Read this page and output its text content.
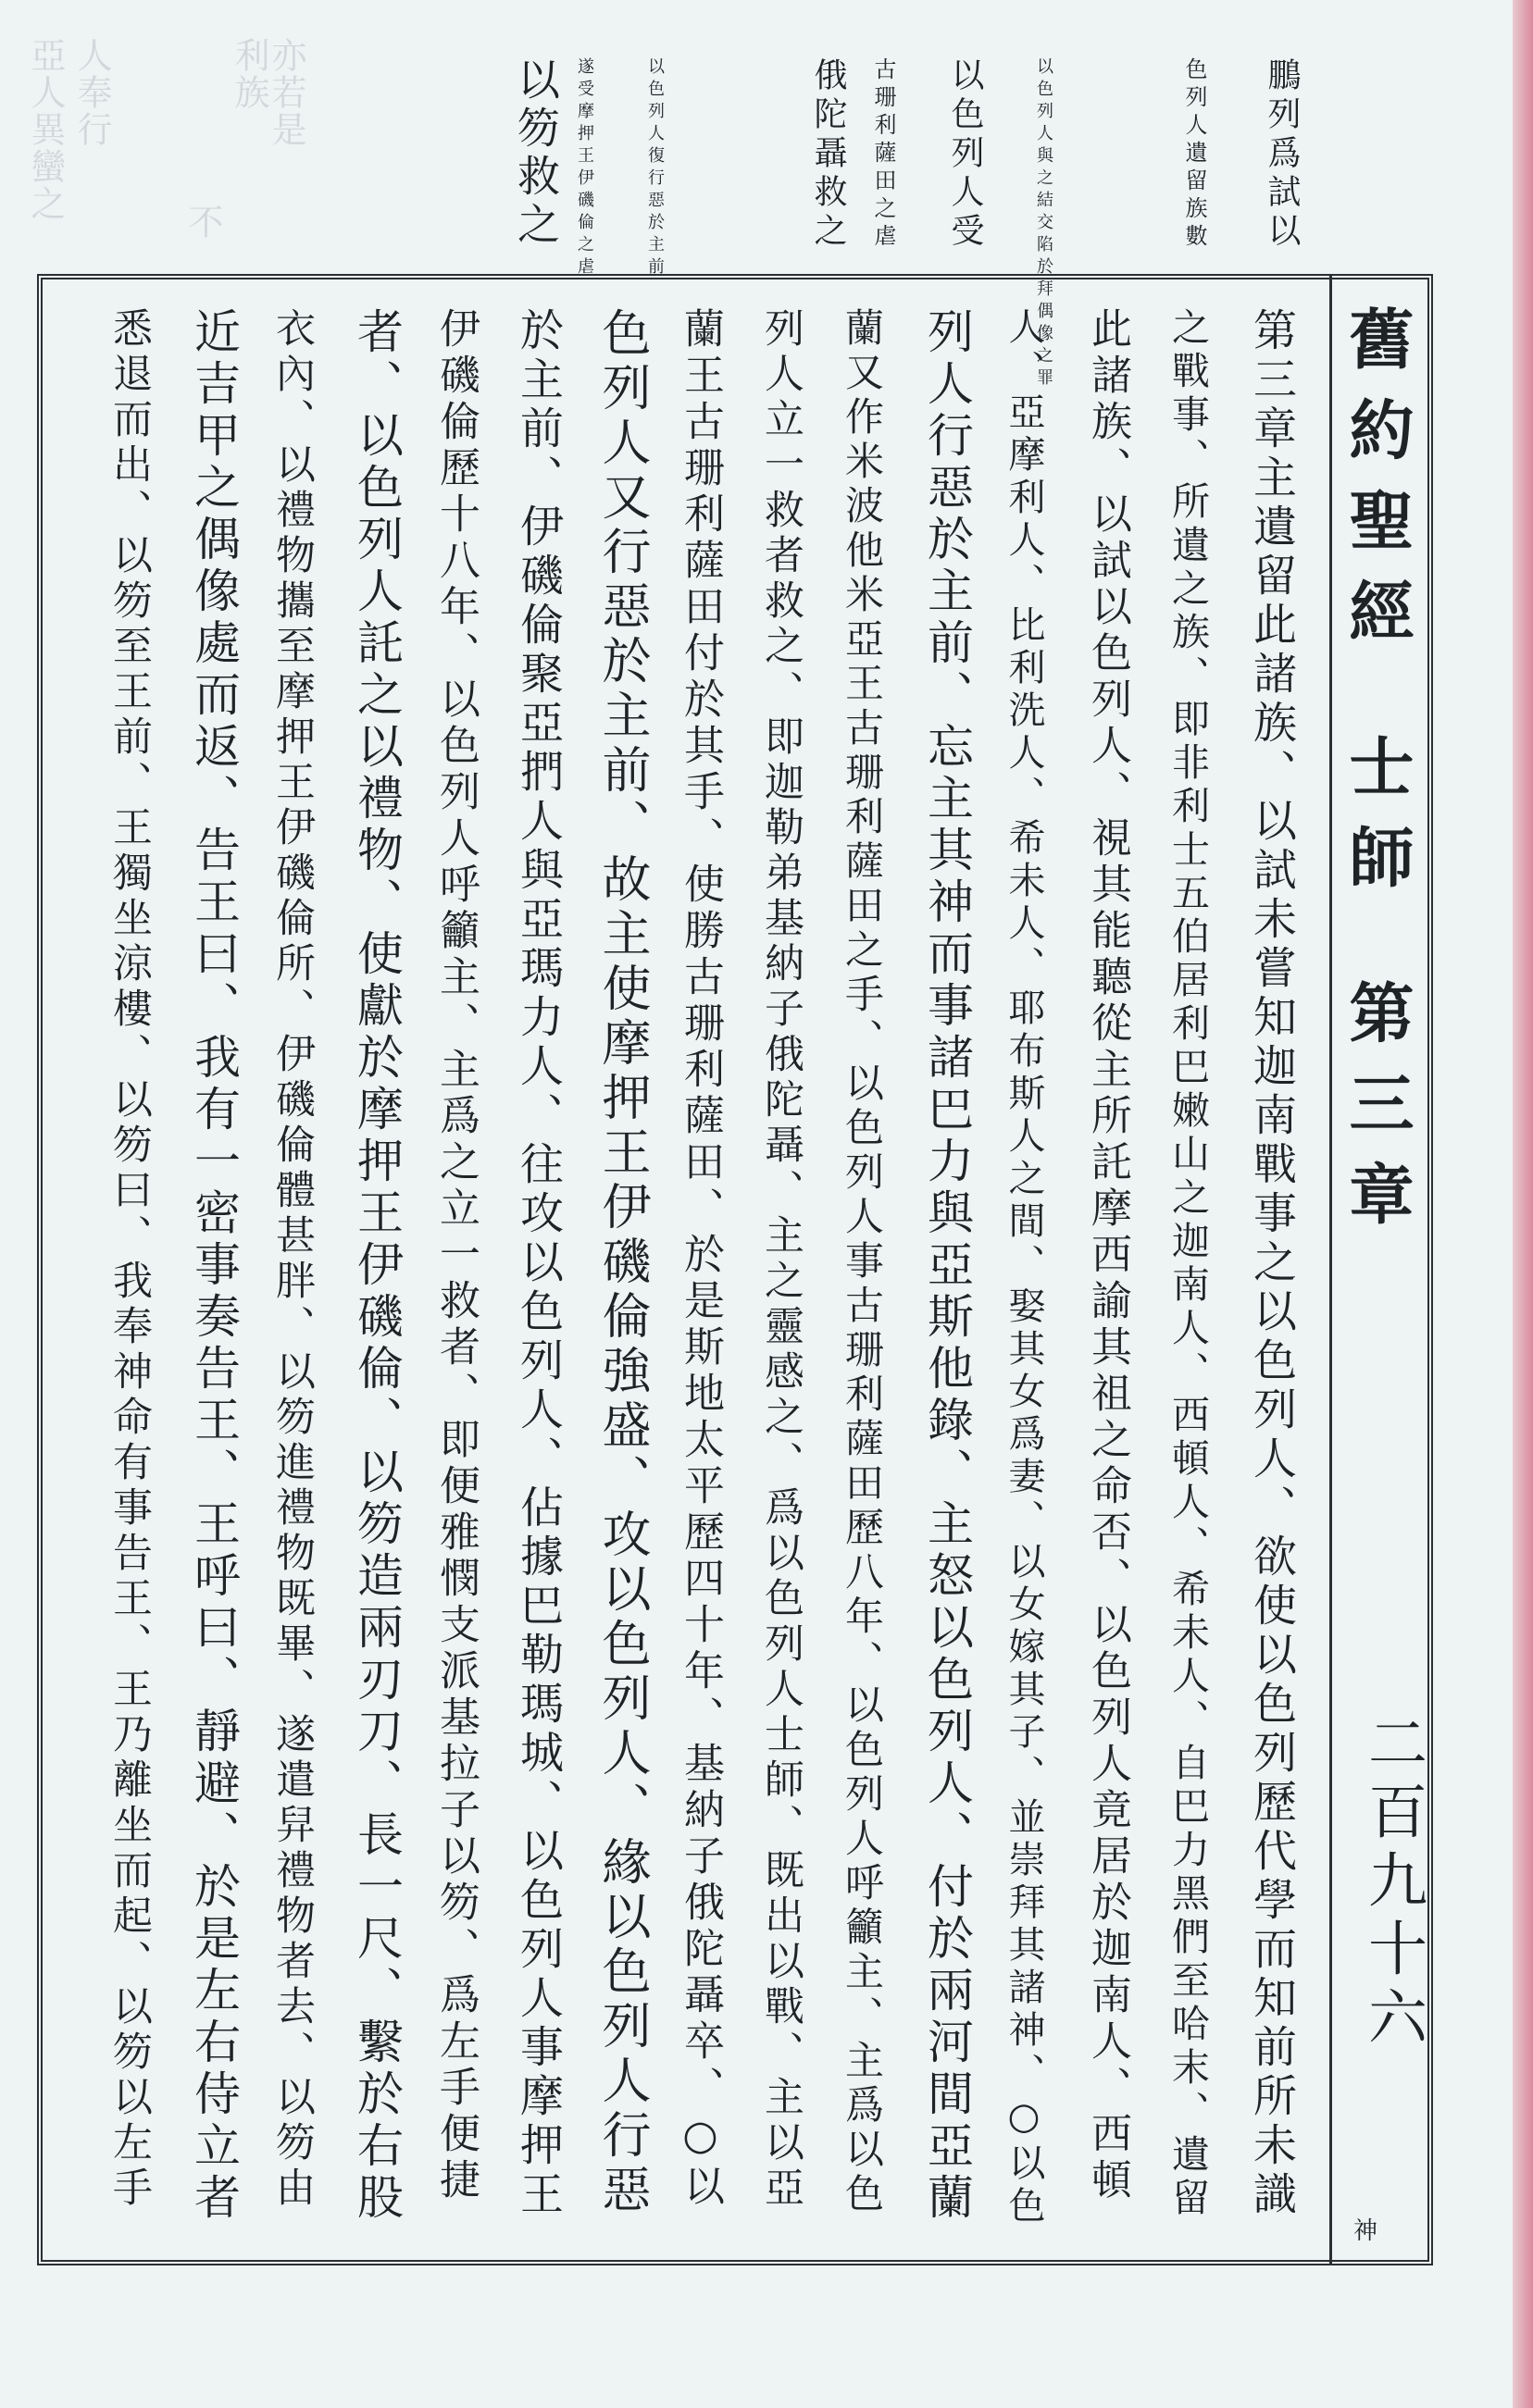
亞人異蠻之 人奉行	利族
亦若是
不	鵬列爲試以
色列人遺留族數
以色列人與之結交陷於拜偶像之罪
以色列人受
古珊利薩田之虐
俄陀聶救之
以色列人復行惡於主前
遂受摩押王伊磯倫之虐
以笏救之
舊約聖經士師第三章
二百九十六
神
第三章主遺留此諸族、以試未嘗知迦南戰事之以色列人、欲使以色列歷代學而知前所未識
之戰事、所遺之族、即非利士五伯居利巴嫩山之迦南人、西頓人、希未人、自巴力黑們至哈末、遺留
此諸族、以試以色列人、視其能聽從主所託摩西諭其祖之命否、以色列人竟居於迦南人、西頓
人、亞摩利人、比利洗人、希未人、耶布斯人之間、娶其女爲妻、以女嫁其子、並崇拜其諸神、○以色
列人行惡於主前、忘主其神而事諸巴力與亞斯他錄、主怒以色列人、付於兩河間亞蘭
蘭又作米波他米亞王古珊利薩田之手、以色列人事古珊利薩田歷八年、以色列人呼籲主、主爲以色
列人立一救者救之、即迦勒弟基納子俄陀聶、主之靈感之、爲以色列人士師、既出以戰、主以亞
蘭王古珊利薩田付於其手、使勝古珊利薩田、於是斯地太平歷四十年、基納子俄陀聶卒、○以
色列人又行惡於主前、故主使摩押王伊磯倫強盛、攻以色列人、緣以色列人行惡
於主前、伊磯倫聚亞捫人與亞瑪力人、往攻以色列人、佔據巴勒瑪城、以色列人事摩押王
伊磯倫歷十八年、以色列人呼籲主、主爲之立一救者、即便雅憫支派基拉子以笏、爲左手便捷
者、以色列人託之以禮物、使獻於摩押王伊磯倫、以笏造兩刃刀、長一尺、繫於右股
衣內、以禮物攜至摩押王伊磯倫所、伊磯倫體甚胖、以笏進禮物既畢、遂遣舁禮物者去、以笏由
近吉甲之偶像處而返、告王曰、我有一密事奏告王、王呼曰、靜避、於是左右侍立者
悉退而出、以笏至王前、王獨坐涼樓、以笏曰、我奉神命有事告王、王乃離坐而起、以笏以左手
